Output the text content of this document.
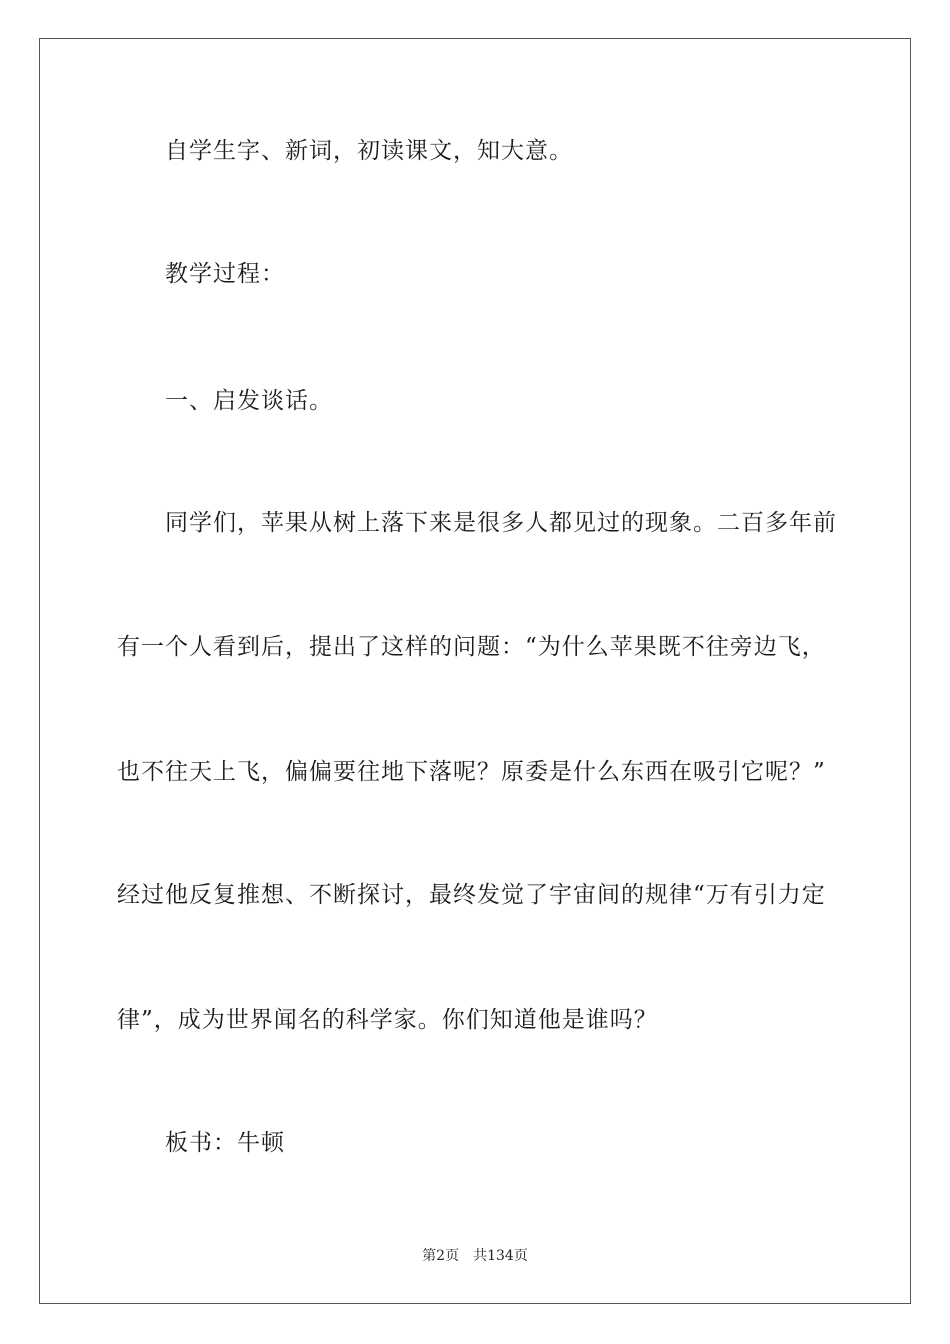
自学生字、新词，初读课文，知大意。
教学过程：
一、启发谈话。
同学们，苹果从树上落下来是很多人都见过的现象。二百多年前
有一个人看到后，提出了这样的问题：“为什么苹果既不往旁边飞，
也不往天上飞，偏偏要往地下落呢？原委是什么东西在吸引它呢？”
经过他反复推想、不断探讨，最终发觉了宇宙间的规律“万有引力定
律”，成为世界闻名的科学家。你们知道他是谁吗？
板书：牛顿
第2页 共134页
